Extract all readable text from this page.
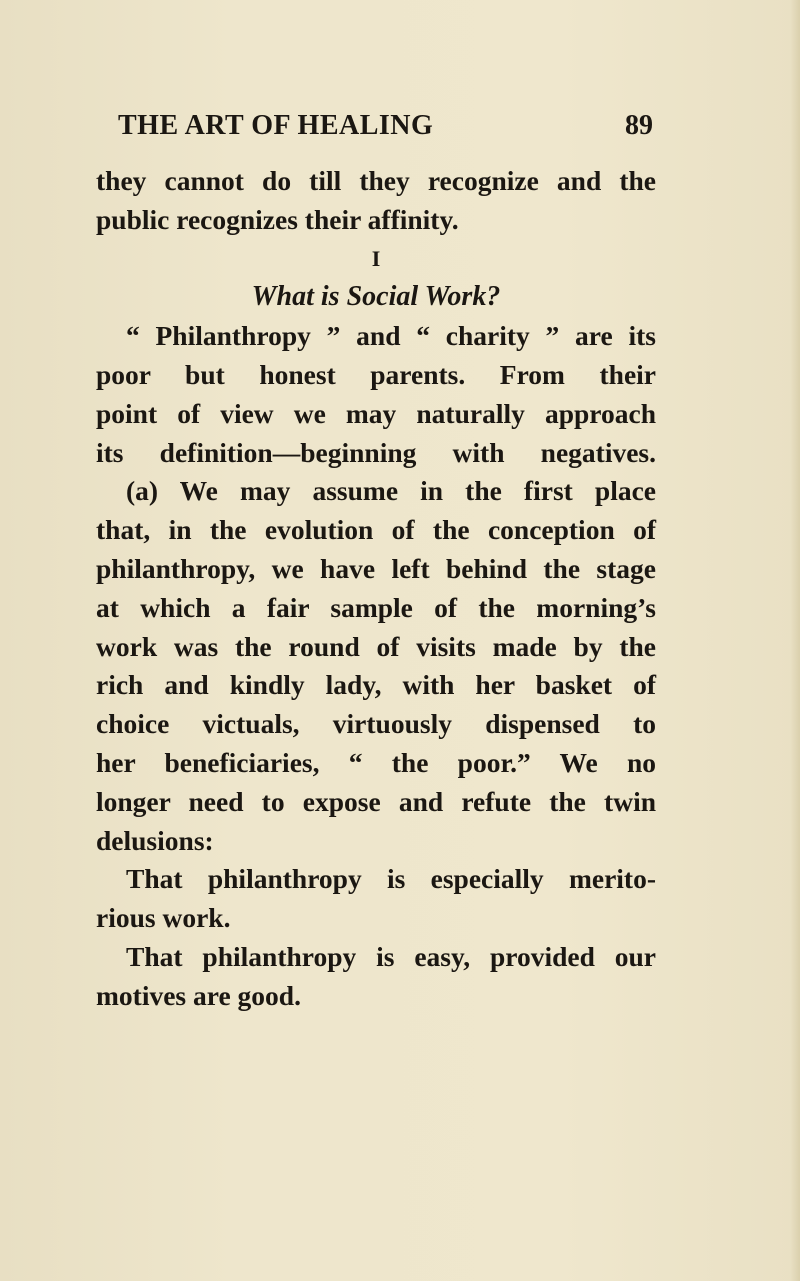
THE ART OF HEALING	89
they cannot do till they recognize and the
public recognizes their affinity.
I
What is Social Work?
“ Philanthropy ” and “ charity ” are its
poor but honest parents. From their
point of view we may naturally approach
its definition—beginning with negatives.
(a) We may assume in the first place
that, in the evolution of the conception of
philanthropy, we have left behind the stage
at which a fair sample of the morning’s
work was the round of visits made by the
rich and kindly lady, with her basket of
choice victuals, virtuously dispensed to
her beneficiaries, “ the poor.” We no
longer need to expose and refute the twin
delusions:
That philanthropy is especially merito-
rious work.
That philanthropy is easy, provided our
motives are good.
